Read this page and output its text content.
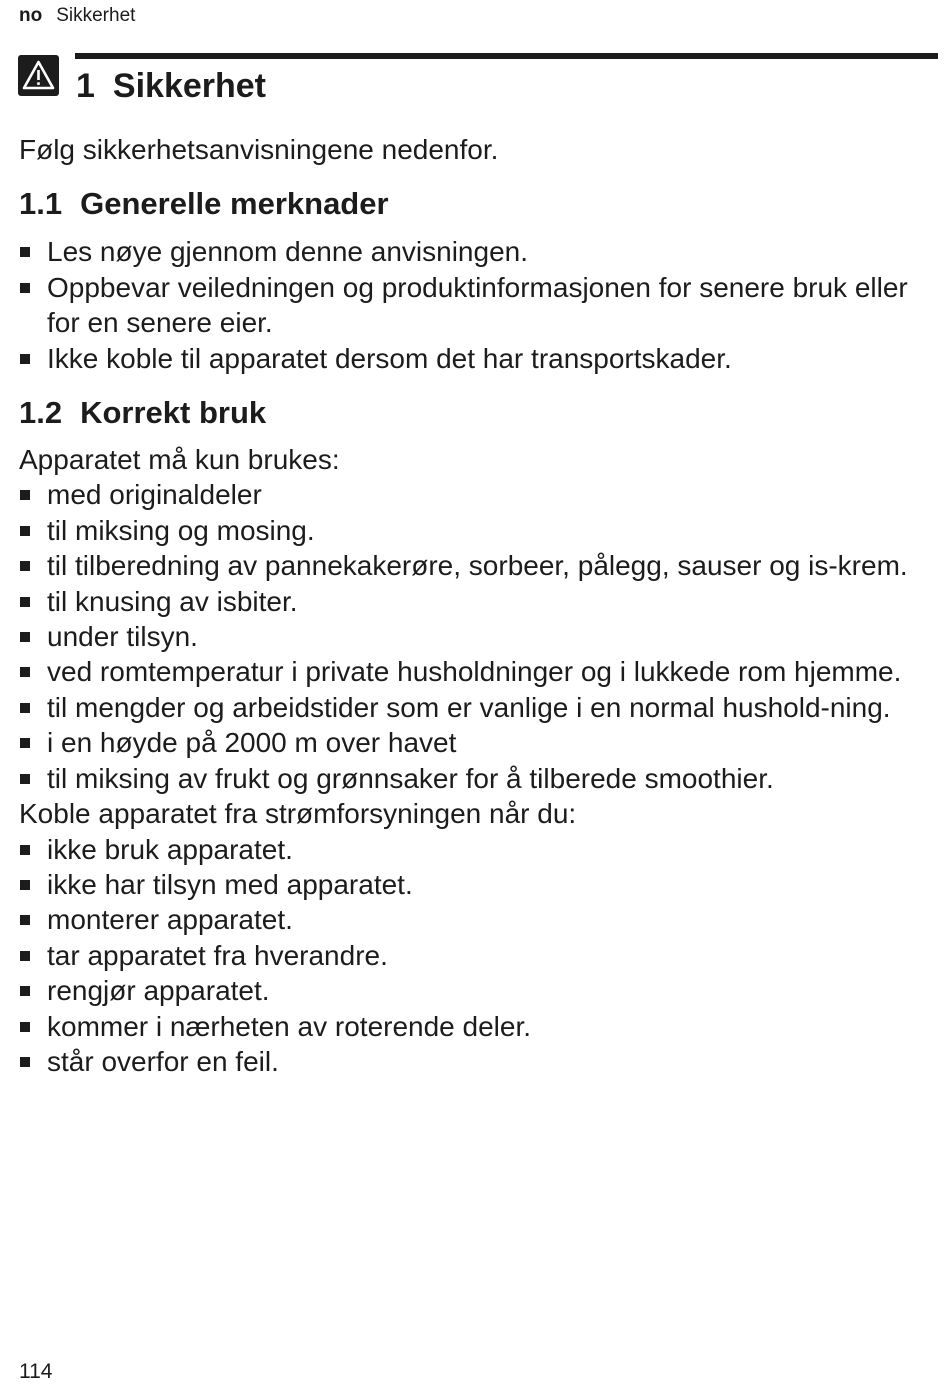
no Sikkerhet
1 Sikkerhet

Følg sikkerhetsanvisningene nedenfor.

1.1 Generelle merknader
Les nøye gjennom denne anvisningen.
Oppbevar veiledningen og produktinformasjonen for senere bruk eller for en senere eier.
Ikke koble til apparatet dersom det har transportskader.
1.2 Korrekt bruk

Apparatet må kun brukes:

med originaldeler
til miksing og mosing.
til tilberedning av pannekakerøre, sorbeer, pålegg, sauser og is-krem.
til knusing av isbiter.
under tilsyn.
ved romtemperatur i private husholdninger og i lukkede rom hjemme.
til mengder og arbeidstider som er vanlige i en normal hushold-ning.
i en høyde på 2000 m over havet
til miksing av frukt og grønnsaker for å tilberede smoothier.

Koble apparatet fra strømforsyningen når du:

ikke bruk apparatet.
ikke har tilsyn med apparatet.
monterer apparatet.
tar apparatet fra hverandre.
rengjør apparatet.
kommer i nærheten av roterende deler.
står overfor en feil.
114
